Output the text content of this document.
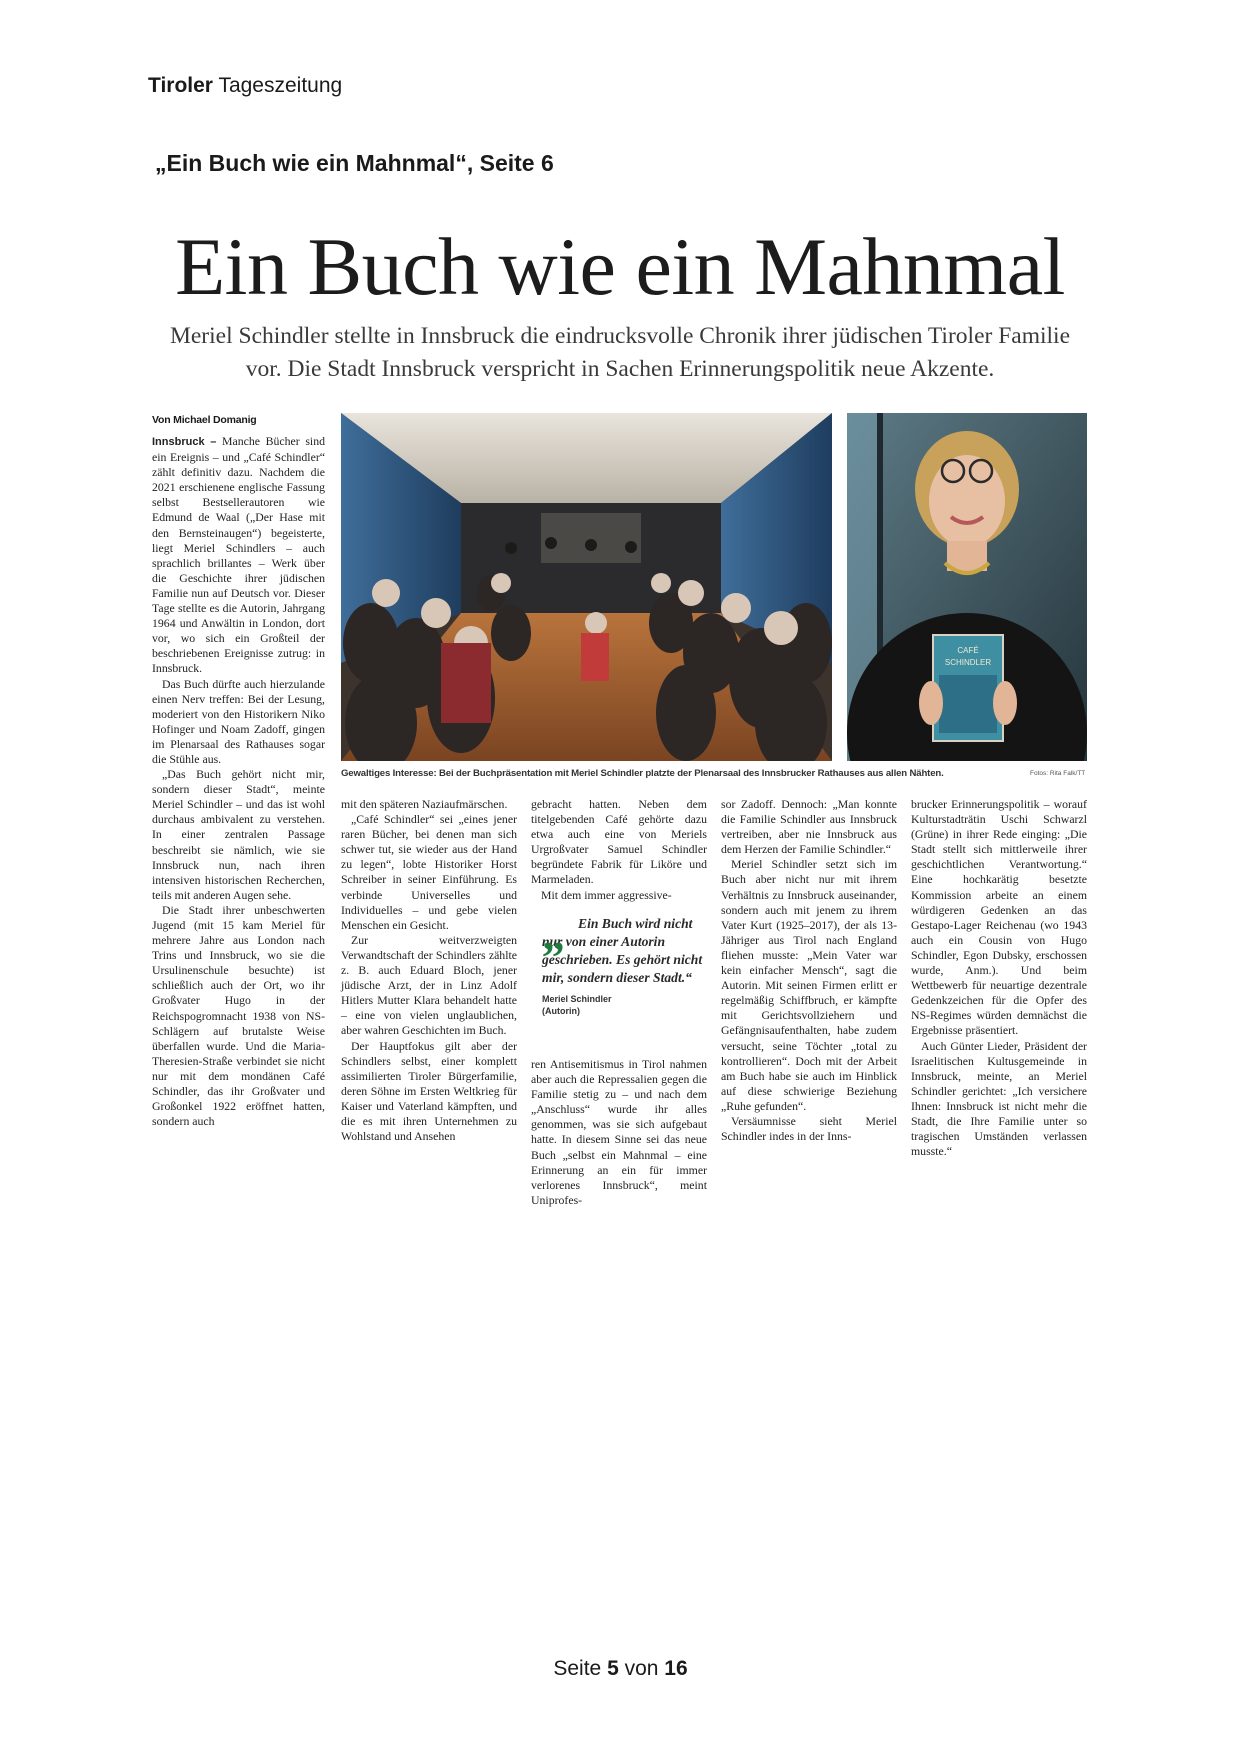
Tiroler Tageszeitung
„Ein Buch wie ein Mahnmal“, Seite 6
Ein Buch wie ein Mahnmal
Meriel Schindler stellte in Innsbruck die eindrucksvolle Chronik ihrer jüdischen Tiroler Familie vor. Die Stadt Innsbruck verspricht in Sachen Erinnerungspolitik neue Akzente.
Von Michael Domanig

Innsbruck – Manche Bücher sind ein Ereignis – und „Café Schindler“ zählt definitiv dazu. Nachdem die 2021 erschienene englische Fassung selbst Bestsellerautoren wie Edmund de Waal („Der Hase mit den Bernsteinaugen“) begeisterte, liegt Meriel Schindlers – auch sprachlich brillantes – Werk über die Geschichte ihrer jüdischen Familie nun auf Deutsch vor. Dieser Tage stellte es die Autorin, Jahrgang 1964 und Anwältin in London, dort vor, wo sich ein Großteil der beschriebenen Ereignisse zutrug: in Innsbruck.

Das Buch dürfte auch hierzulande einen Nerv treffen: Bei der Lesung, moderiert von den Historikern Niko Hofinger und Noam Zadoff, gingen im Plenarsaal des Rathauses sogar die Stühle aus.

„Das Buch gehört nicht mir, sondern dieser Stadt“, meinte Meriel Schindler – und das ist wohl durchaus ambivalent zu verstehen. In einer zentralen Passage beschreibt sie nämlich, wie sie Innsbruck nun, nach ihren intensiven historischen Recherchen, teils mit anderen Augen sehe.

Die Stadt ihrer unbeschwerten Jugend (mit 15 kam Meriel für mehrere Jahre aus London nach Trins und Innsbruck, wo sie die Ursulinenschule besuchte) ist schließlich auch der Ort, wo ihr Großvater Hugo in der Reichspogromnacht 1938 von NS-Schlägern auf brutalste Weise überfallen wurde. Und die Maria-Theresien-Straße verbindet sie nicht nur mit dem mondänen Café Schindler, das ihr Großvater und Großonkel 1922 eröffnet hatten, sondern auch

CAFÉ
SCHINDLER
Gewaltiges Interesse: Bei der Buchpräsentation mit Meriel Schindler platzte der Plenarsaal des Innsbrucker Rathauses aus allen Nähten.	Fotos: Rita Falk/TT

mit den späteren Naziaufmärschen.

„Café Schindler“ sei „eines jener raren Bücher, bei denen man sich schwer tut, sie wieder aus der Hand zu legen“, lobte Historiker Horst Schreiber in seiner Einführung. Es verbinde Universelles und Individuelles – und gebe vielen Menschen ein Gesicht.

Zur weitverzweigten Verwandtschaft der Schindlers zählte z. B. auch Eduard Bloch, jener jüdische Arzt, der in Linz Adolf Hitlers Mutter Klara behandelt hatte – eine von vielen unglaublichen, aber wahren Geschichten im Buch.

Der Hauptfokus gilt aber der Schindlers selbst, einer komplett assimilierten Tiroler Bürgerfamilie, deren Söhne im Ersten Weltkrieg für Kaiser und Vaterland kämpften, und die es mit ihren Unternehmen zu Wohlstand und Ansehen

gebracht hatten. Neben dem titelgebenden Café gehörte dazu etwa auch eine von Meriels Urgroßvater Samuel Schindler begründete Fabrik für Liköre und Marmeladen.

Mit dem immer aggressive-

„ Ein Buch wird nicht nur von einer Autorin geschrieben. Es gehört nicht mir, sondern dieser Stadt.“

Meriel Schindler
(Autorin)

ren Antisemitismus in Tirol nahmen aber auch die Repressalien gegen die Familie stetig zu – und nach dem „Anschluss“ wurde ihr alles genommen, was sie sich aufgebaut hatte. In diesem Sinne sei das neue Buch „selbst ein Mahnmal – eine Erinnerung an ein für immer verlorenes Innsbruck“, meint Uniprofes-

sor Zadoff. Dennoch: „Man konnte die Familie Schindler aus Innsbruck vertreiben, aber nie Innsbruck aus dem Herzen der Familie Schindler.“

Meriel Schindler setzt sich im Buch aber nicht nur mit ihrem Verhältnis zu Innsbruck auseinander, sondern auch mit jenem zu ihrem Vater Kurt (1925–2017), der als 13-Jähriger aus Tirol nach England fliehen musste: „Mein Vater war kein einfacher Mensch“, sagt die Autorin. Mit seinen Firmen erlitt er regelmäßig Schiffbruch, er kämpfte mit Gerichtsvollziehern und Gefängnisaufenthalten, habe zudem versucht, seine Töchter „total zu kontrollieren“. Doch mit der Arbeit am Buch habe sie auch im Hinblick auf diese schwierige Beziehung „Ruhe gefunden“.

Versäumnisse sieht Meriel Schindler indes in der Inns-

brucker Erinnerungspolitik – worauf Kulturstadträtin Uschi Schwarzl (Grüne) in ihrer Rede einging: „Die Stadt stellt sich mittlerweile ihrer geschichtlichen Verantwortung.“ Eine hochkarätig besetzte Kommission arbeite an einem würdigeren Gedenken an das Gestapo-Lager Reichenau (wo 1943 auch ein Cousin von Hugo Schindler, Egon Dubsky, erschossen wurde, Anm.). Und beim Wettbewerb für neuartige dezentrale Gedenkzeichen für die Opfer des NS-Regimes würden demnächst die Ergebnisse präsentiert.

Auch Günter Lieder, Präsident der Israelitischen Kultusgemeinde in Innsbruck, meinte, an Meriel Schindler gerichtet: „Ich versichere Ihnen: Innsbruck ist nicht mehr die Stadt, die Ihre Familie unter so tragischen Umständen verlassen musste.“

Seite 5 von 16
